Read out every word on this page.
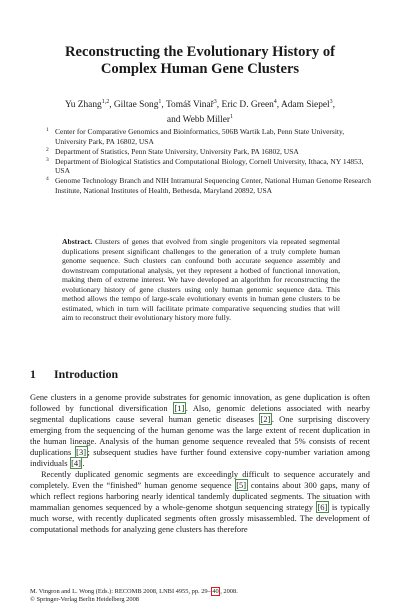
Reconstructing the Evolutionary History of
Complex Human Gene Clusters
Yu Zhang$^{1,2}$, Giltae Song$^1$, Tomáš Vinař$^3$, Eric D. Green$^4$, Adam Siepel$^3$,
and Webb Miller$^1$
1 Center for Comparative Genomics and Bioinformatics, 506B Wartik Lab, Penn State University, University Park, PA 16802, USA
2 Department of Statistics, Penn State University, University Park, PA 16802, USA
3 Department of Biological Statistics and Computational Biology, Cornell University, Ithaca, NY 14853, USA
4 Genome Technology Branch and NIH Intramural Sequencing Center, National Human Genome Research Institute, National Institutes of Health, Bethesda, Maryland 20892, USA
Abstract. Clusters of genes that evolved from single progenitors via repeated segmental duplications present significant challenges to the generation of a truly complete human genome sequence. Such clusters can confound both accurate sequence assembly and downstream computational analysis, yet they represent a hotbed of functional innovation, making them of extreme interest. We have developed an algorithm for reconstructing the evolutionary history of gene clusters using only human genomic sequence data. This method allows the tempo of large-scale evolutionary events in human gene clusters to be estimated, which in turn will facilitate primate comparative sequencing studies that will aim to reconstruct their evolutionary history more fully.
1 Introduction

Gene clusters in a genome provide substrates for genomic innovation, as gene duplication is often followed by functional diversification [1] . Also, genomic deletions associated with nearby segmental duplications cause several human genetic diseases [2] . One surprising discovery emerging from the sequencing of the human genome was the large extent of recent duplication in the human lineage. Analysis of the human genome sequence revealed that 5% consists of recent duplications [3] ; subsequent studies have further found extensive copy-number variation among individuals [4] .

Recently duplicated genomic segments are exceedingly difficult to sequence accurately and completely. Even the “finished” human genome sequence [5] contains about 300 gaps, many of which reflect regions harboring nearly identical tandemly duplicated segments. The situation with mammalian genomes sequenced by a whole-genome shotgun sequencing strategy [6] is typically much worse, with recently duplicated segments often grossly misassembled. The development of computational methods for analyzing gene clusters has therefore

M. Vingron and L. Wong (Eds.): RECOMB 2008, LNBI 4955, pp. 29– 40 , 2008.
© Springer-Verlag Berlin Heidelberg 2008
